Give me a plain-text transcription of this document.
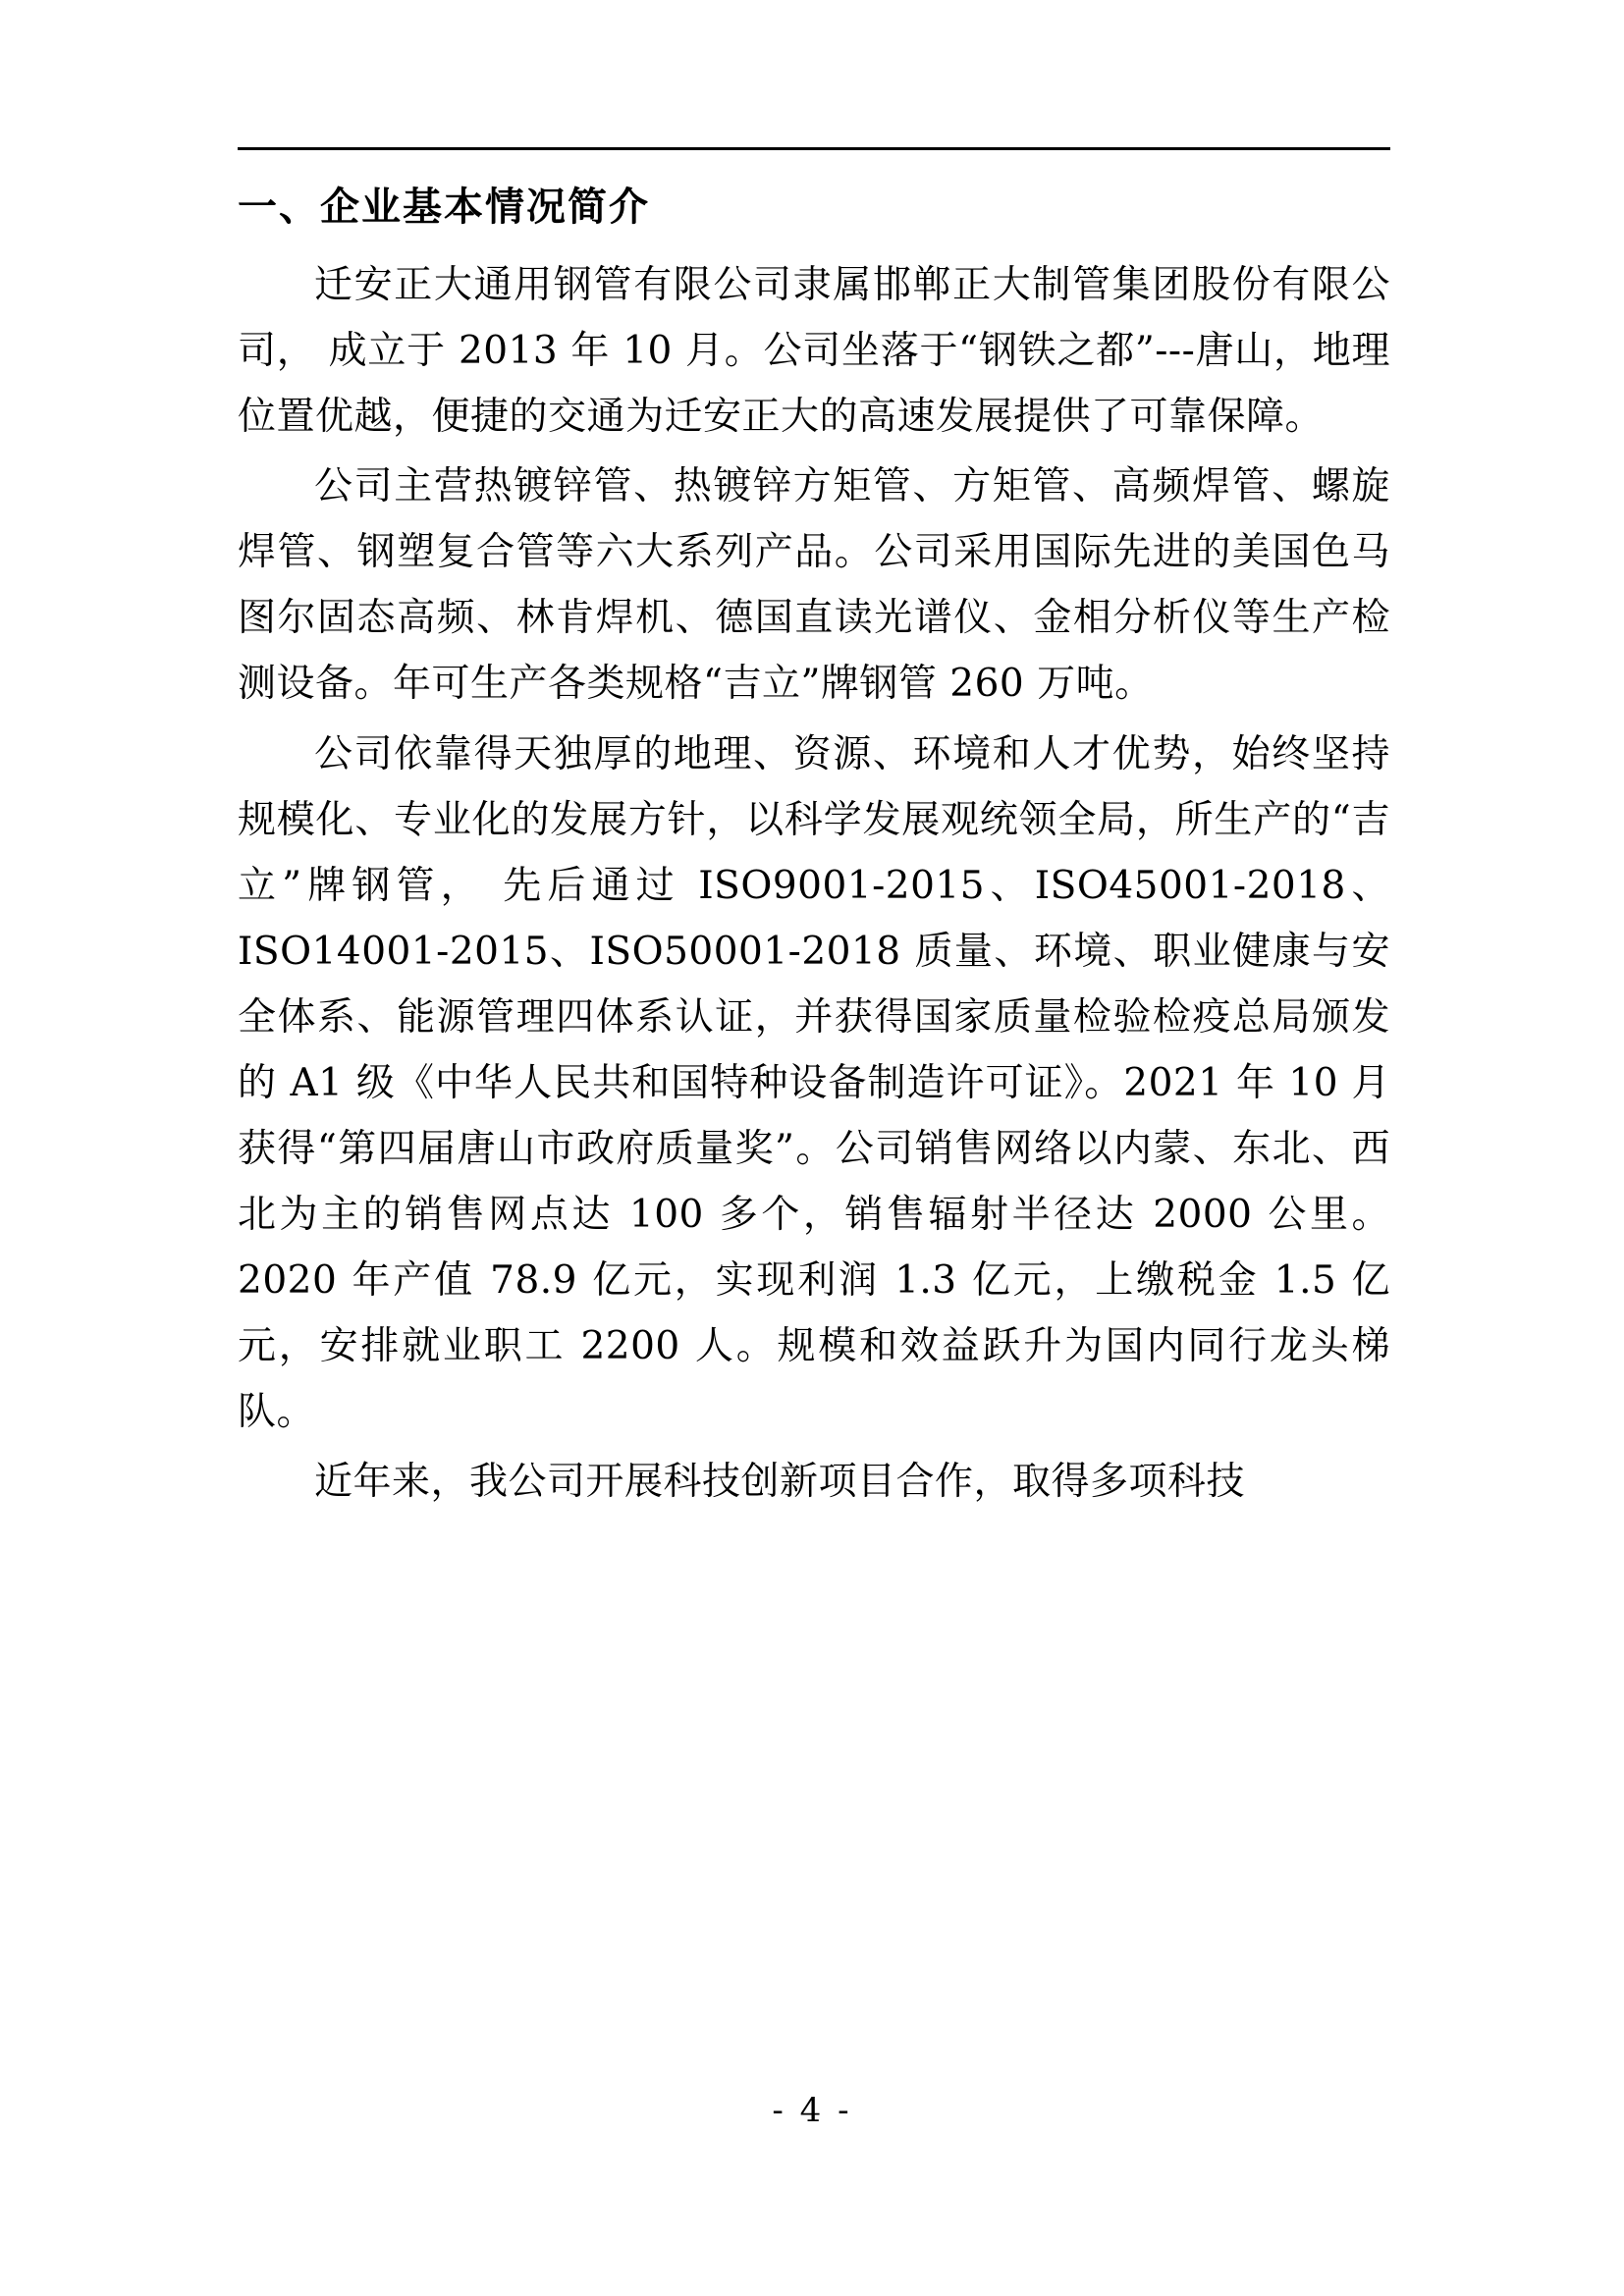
一、企业基本情况简介

迁安正大通用钢管有限公司隶属邯郸正大制管集团股份有限公司， 成立于 2013 年 10 月。公司坐落于“钢铁之都”---唐山，地理位置优越，便捷的交通为迁安正大的高速发展提供了可靠保障。

公司主营热镀锌管、热镀锌方矩管、方矩管、高频焊管、螺旋焊管、钢塑复合管等六大系列产品。公司采用国际先进的美国色马图尔固态高频、林肯焊机、德国直读光谱仪、金相分析仪等生产检测设备。年可生产各类规格“吉立”牌钢管 260 万吨。

公司依靠得天独厚的地理、资源、环境和人才优势，始终坚持规模化、专业化的发展方针，以科学发展观统领全局，所生产的“吉立”牌钢管， 先后通过 ISO9001-2015、ISO45001-2018、ISO14001-2015、ISO50001-2018 质量、环境、职业健康与安全体系、能源管理四体系认证，并获得国家质量检验检疫总局颁发的 A1 级《中华人民共和国特种设备制造许可证》。2021 年 10 月获得“第四届唐山市政府质量奖”。公司销售网络以内蒙、东北、西北为主的销售网点达 100 多个，销售辐射半径达 2000 公里。2020 年产值 78.9 亿元，实现利润 1.3 亿元，上缴税金 1.5 亿元，安排就业职工 2200 人。规模和效益跃升为国内同行龙头梯队。

近年来，我公司开展科技创新项目合作，取得多项科技

- 4 -
